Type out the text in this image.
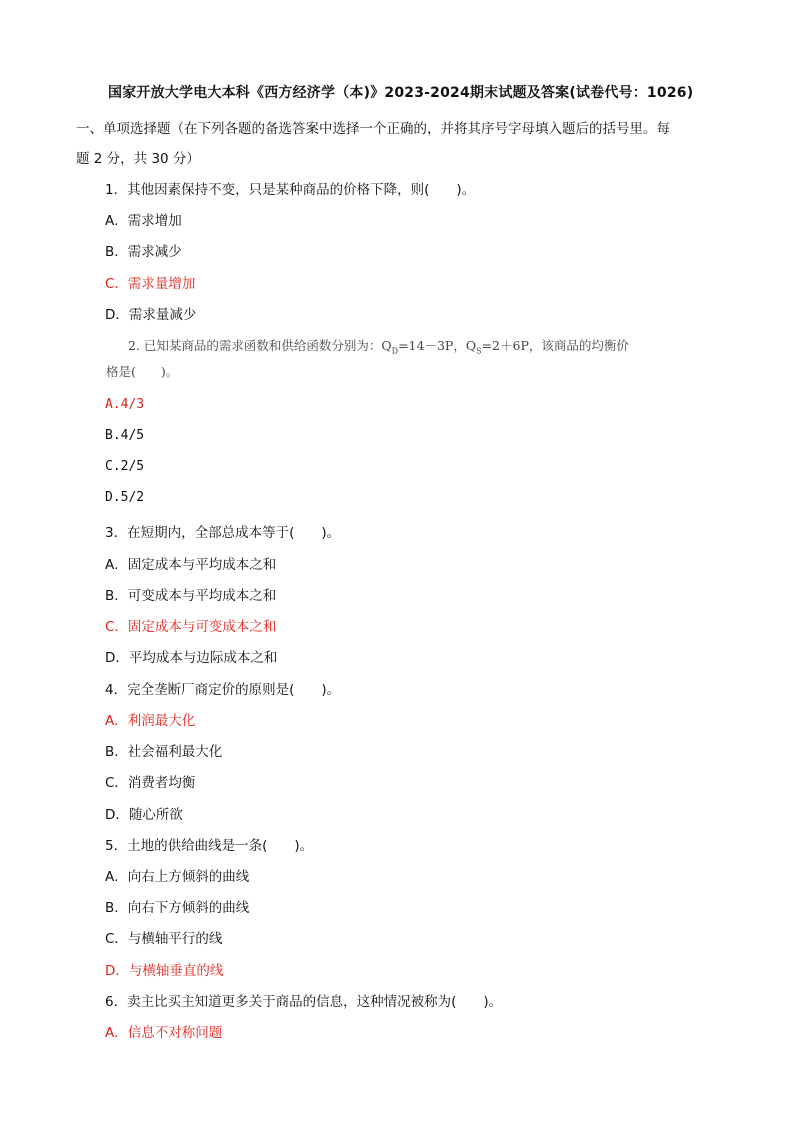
国家开放大学电大本科《西方经济学（本)》2023-2024期末试题及答案(试卷代号：1026)
一、单项选择题（在下列各题的备选答案中选择一个正确的，并将其序号字母填入题后的括号里。每
题 2 分，共 30 分）
1．其他因素保持不变，只是某种商品的价格下降，则(　　)。
A．需求增加
B．需求减少
C．需求量增加
D．需求量减少
2. 已知某商品的需求函数和供给函数分别为：$Q_D=14-3P$，$Q_S=2+6P$，该商品的均衡价
格是(　　)。
A.4/3
B.4/5
C.2/5
D.5/2
3．在短期内，全部总成本等于(　　)。
A．固定成本与平均成本之和
B．可变成本与平均成本之和
C．固定成本与可变成本之和
D．平均成本与边际成本之和
4．完全垄断厂商定价的原则是(　　)。
A．利润最大化
B．社会福利最大化
C．消费者均衡
D．随心所欲
5．土地的供给曲线是一条(　　)。
A．向右上方倾斜的曲线
B．向右下方倾斜的曲线
C．与横轴平行的线
D．与横轴垂直的线
6．卖主比买主知道更多关于商品的信息，这种情况被称为(　　)。
A．信息不对称问题
